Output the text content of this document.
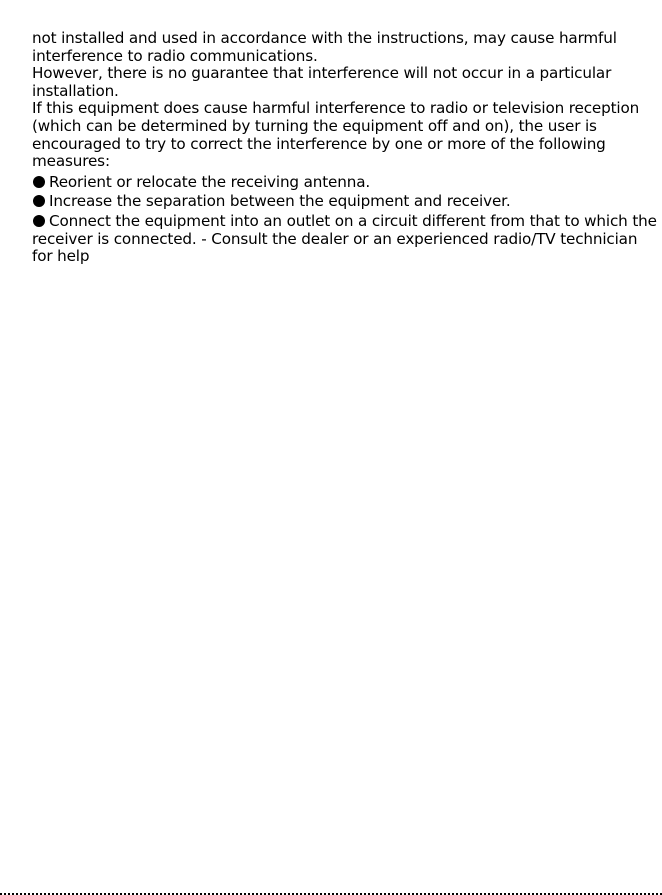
not installed and used in accordance with the instructions, may cause harmful interference to radio communications.

However, there is no guarantee that interference will not occur in a particular installation.

If this equipment does cause harmful interference to radio or television reception (which can be determined by turning the equipment off and on), the user is encouraged to try to correct the interference by one or more of the following measures:

Reorient or relocate the receiving antenna.

Increase the separation between the equipment and receiver.

Connect the equipment into an outlet on a circuit different from that to which the receiver is connected. - Consult the dealer or an experienced radio/TV technician for help
